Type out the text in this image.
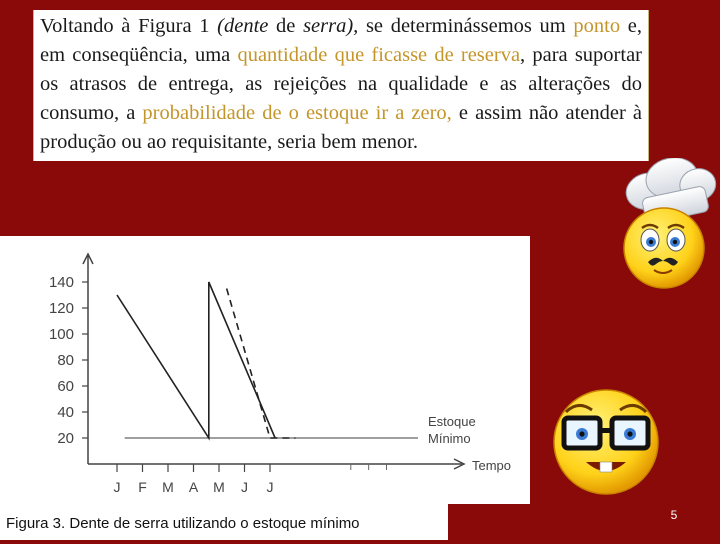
Voltando à Figura 1 (dente de serra), se determinássemos um ponto e, em conseqüência, uma quantidade que ficasse de reserva, para suportar os atrasos de entrega, as rejeições na qualidade e as alterações do consumo, a probabilidade de o estoque ir a zero, e assim não atender à produção ou ao requisitante, seria bem menor.
20
40
60
80
100
120
140
J F M A M J J
Tempo
Estoque
Mínimo
Figura 3. Dente de serra utilizando o estoque mínimo	5
